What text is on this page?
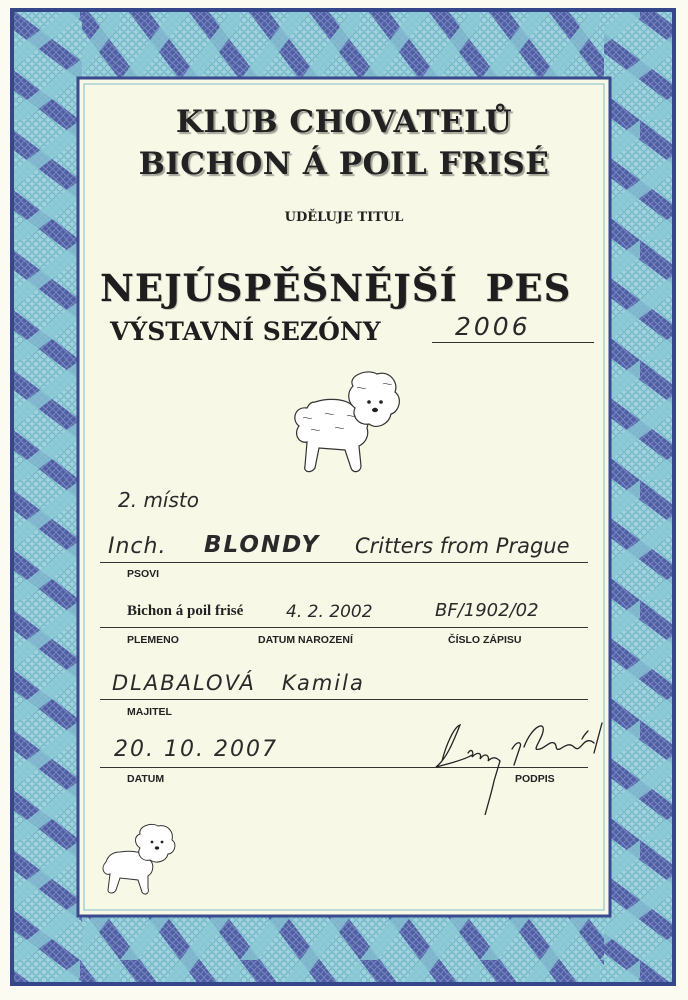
KLUB CHOVATELŮ
BICHON Á POIL FRISÉ
UDĚLUJE TITUL
NEJÚSPĚŠNĚJŠÍ  PES
VÝSTAVNÍ SEZÓNY	2006
2. místo
Inch. BLONDY Critters from Prague
PSOVI
Bichon á poil frisé	4. 2. 2002	BF/1902/02
PLEMENO	DATUM NAROZENÍ	ČÍSLO ZÁPISU
DLABALOVÁ   Kamila
MAJITEL
20. 10. 2007
DATUM	PODPIS
